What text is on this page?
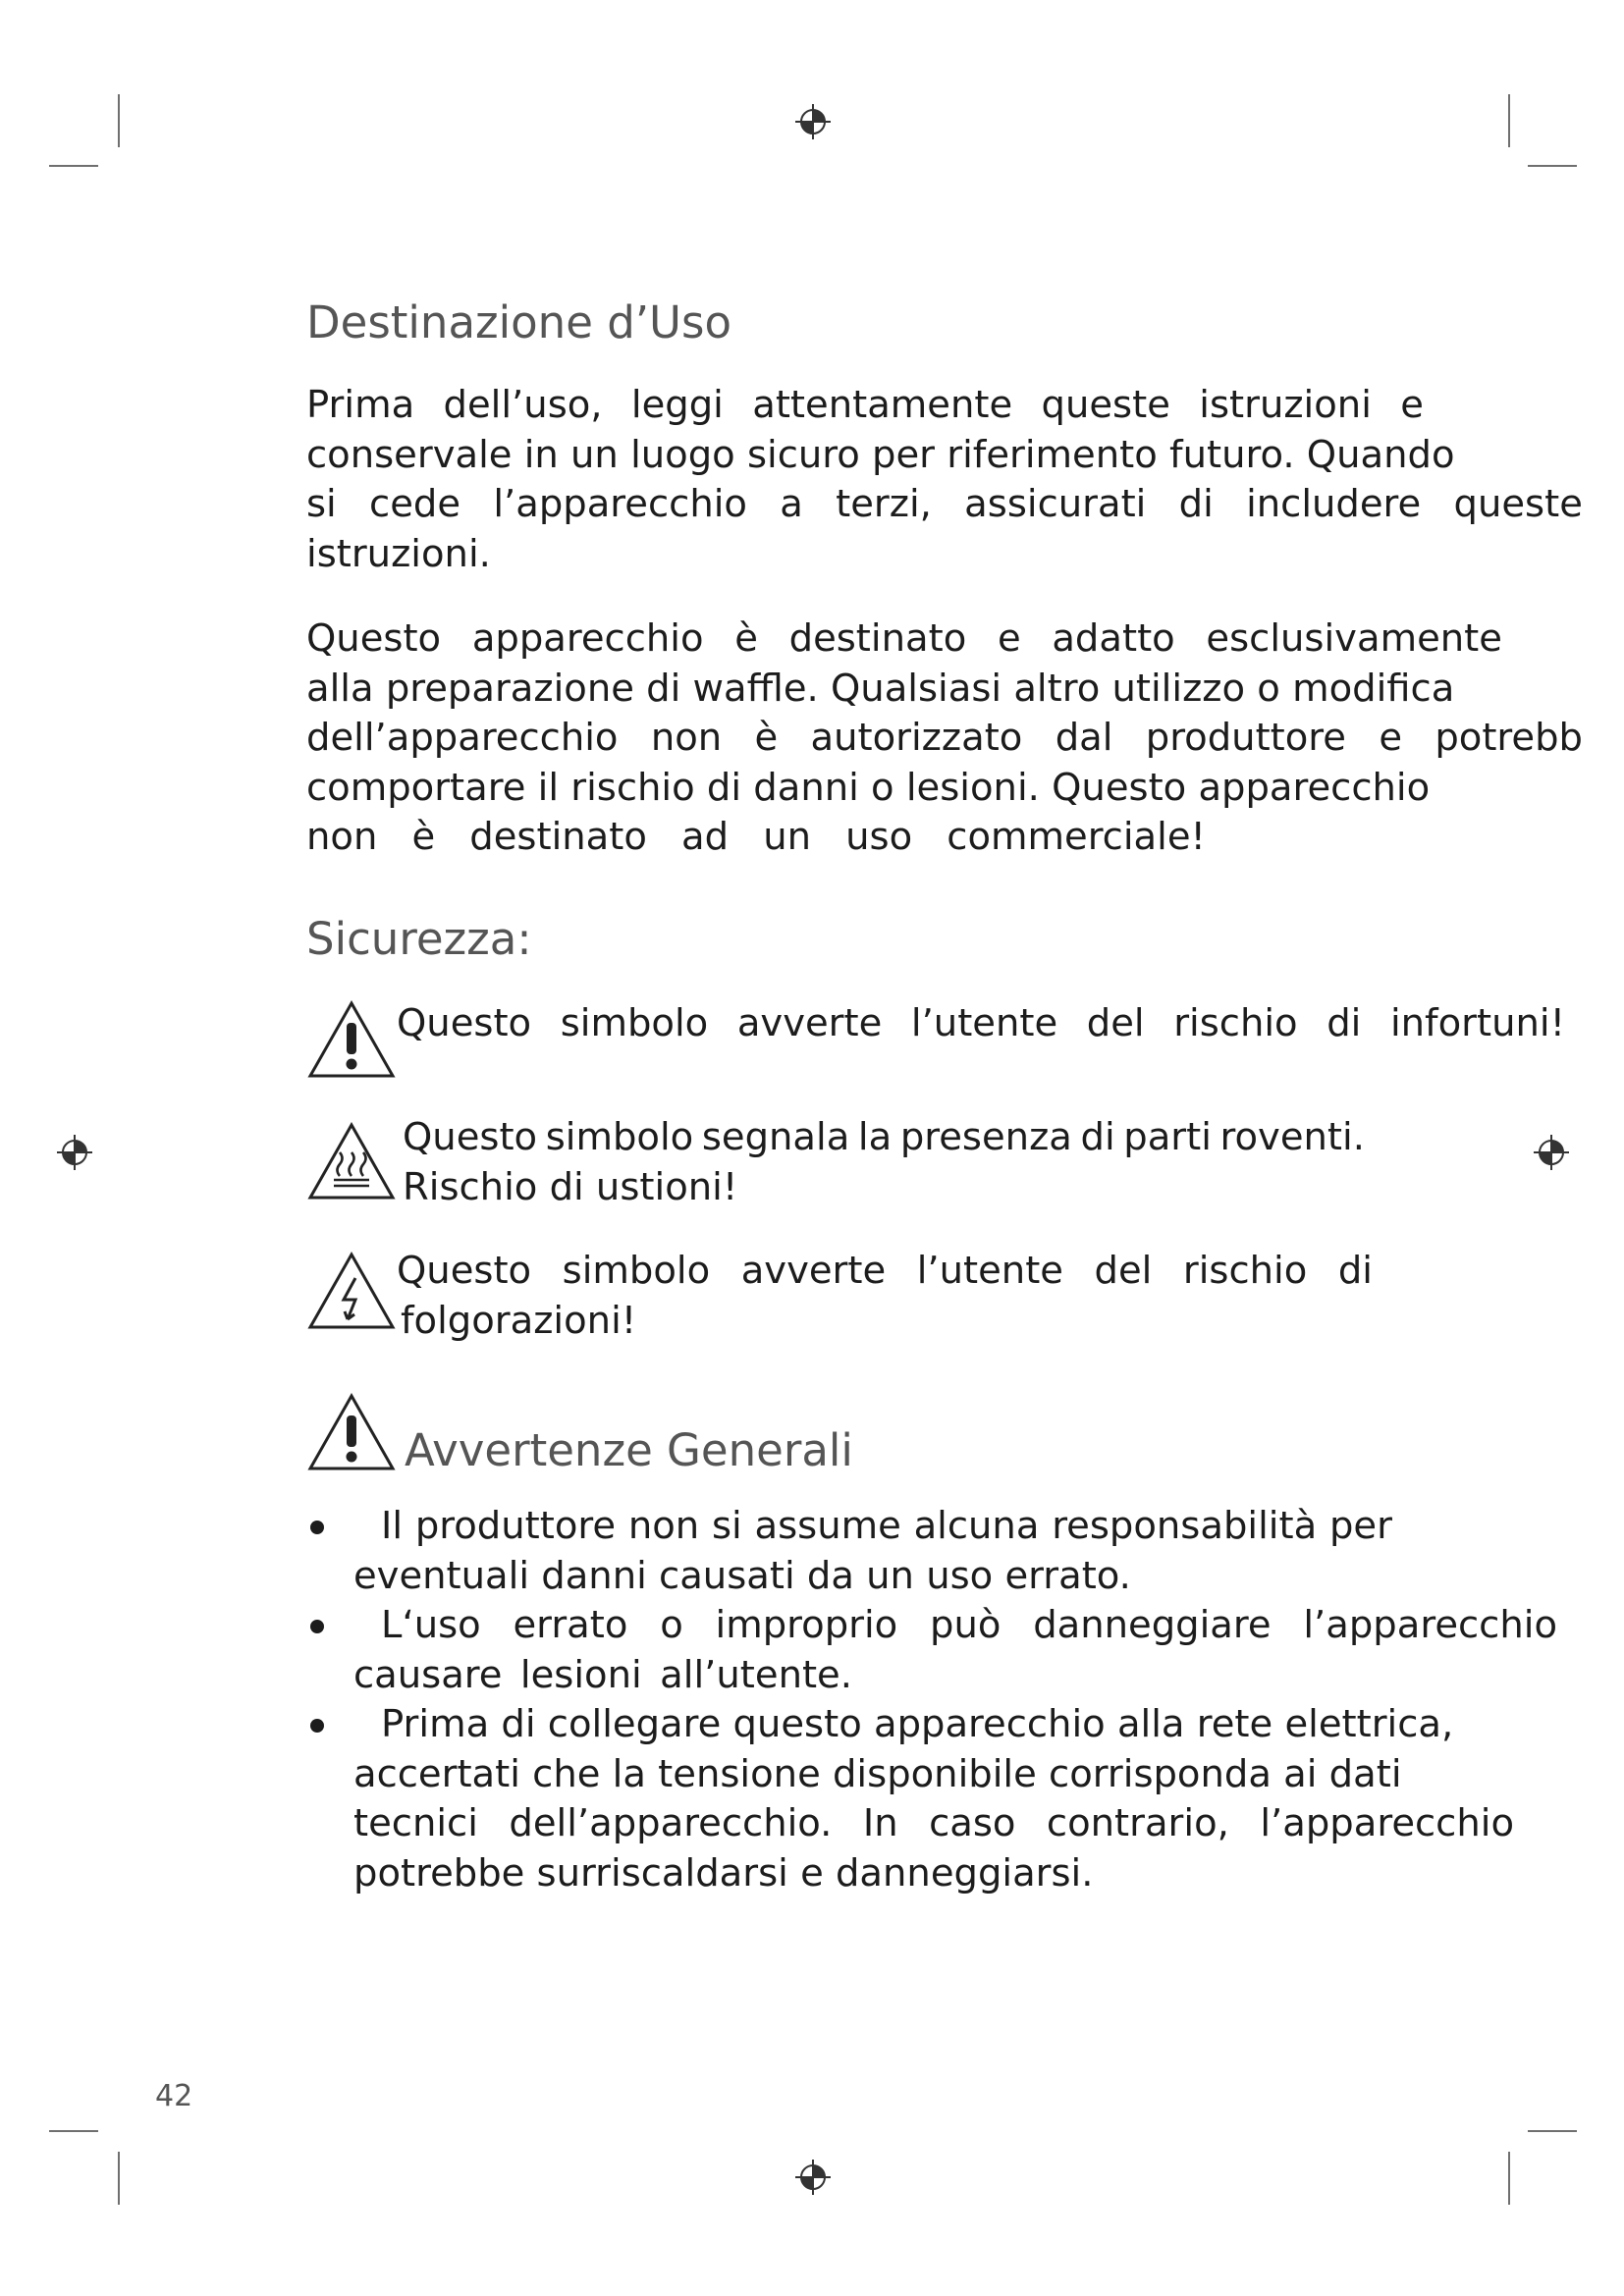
Destinazione d’Uso
Prima dell’uso, leggi attentamente queste istruzioni e
conservale in un luogo sicuro per riferimento futuro. Quando
si cede l’apparecchio a terzi, assicurati di includere queste
istruzioni.
Questo apparecchio è destinato e adatto esclusivamente
alla preparazione di waffle. Qualsiasi altro utilizzo o modifica
dell’apparecchio non è autorizzato dal produttore e potrebb
comportare il rischio di danni o lesioni. Questo apparecchio
non è destinato ad un uso commerciale!
Sicurezza:
Questo simbolo avverte l’utente del rischio di infortuni!
Questo simbolo segnala la presenza di parti roventi.
Rischio di ustioni!
Questo simbolo avverte l’utente del rischio di
folgorazioni!
Avvertenze Generali
Il produttore non si assume alcuna responsabilità per
eventuali danni causati da un uso errato.
L‘uso errato o improprio può danneggiare l’apparecchio
causare lesioni all’utente.
Prima di collegare questo apparecchio alla rete elettrica,
accertati che la tensione disponibile corrisponda ai dati
tecnici dell’apparecchio. In caso contrario, l’apparecchio
potrebbe surriscaldarsi e danneggiarsi.
42
